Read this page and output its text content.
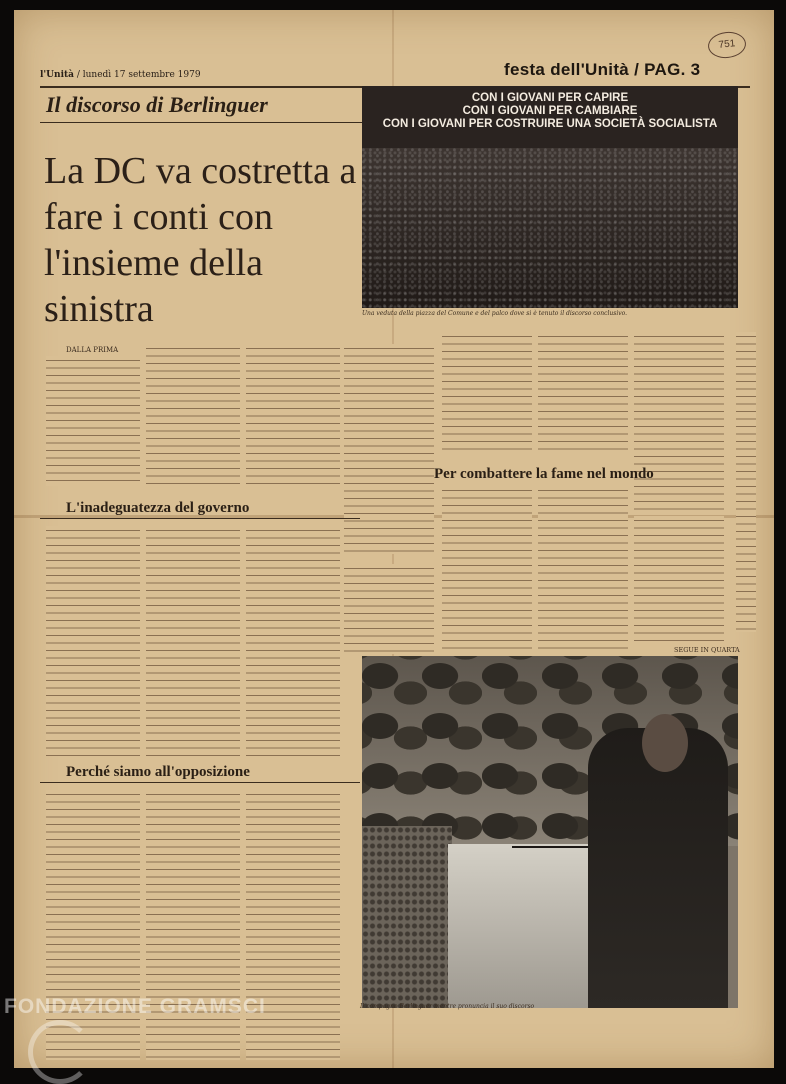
751
l'Unità / lunedì 17 settembre 1979	festa dell'Unità / PAG. 3
Il discorso di Berlinguer
La DC va costretta a fare i conti con l'insieme della sinistra
CON I GIOVANI PER CAPIRE
CON I GIOVANI PER CAMBIARE
CON I GIOVANI PER COSTRUIRE UNA SOCIETÀ SOCIALISTA
Una veduta della piazza del Comune e del palco dove si è tenuto il discorso conclusivo.
DALLA PRIMA
L'inadeguatezza del governo
Per combattere la fame nel mondo
SEGUE IN QUARTA
Perché siamo all'opposizione
Il compagno Berlinguer mentre pronuncia il suo discorso
FONDAZIONE GRAMSCI
